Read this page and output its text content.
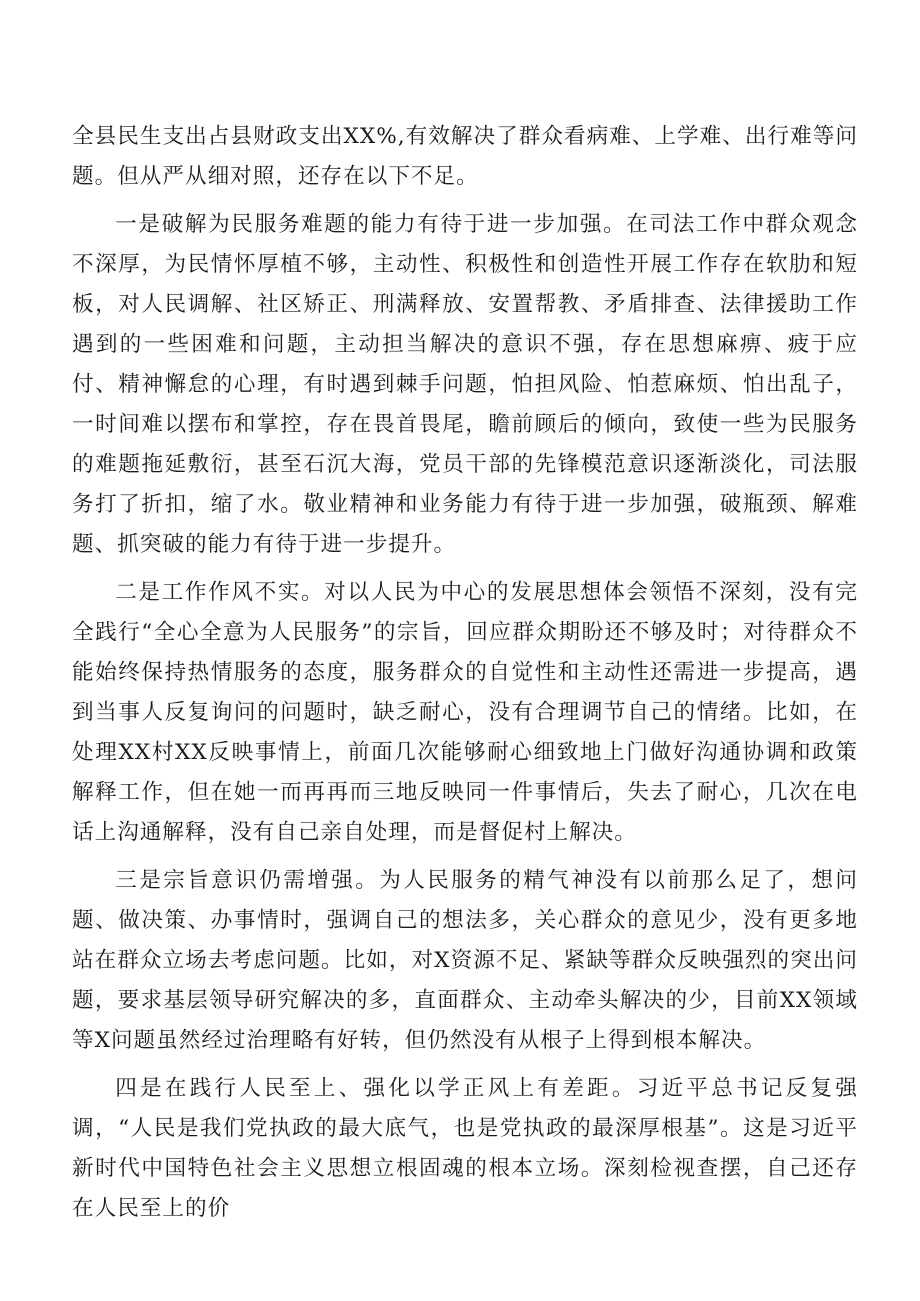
全县民生支出占县财政支出XX%,有效解决了群众看病难、上学难、出行难等问题。但从严从细对照，还存在以下不足。

一是破解为民服务难题的能力有待于进一步加强。在司法工作中群众观念不深厚，为民情怀厚植不够，主动性、积极性和创造性开展工作存在软肋和短板，对人民调解、社区矫正、刑满释放、安置帮教、矛盾排查、法律援助工作遇到的一些困难和问题，主动担当解决的意识不强，存在思想麻痹、疲于应付、精神懈怠的心理，有时遇到棘手问题，怕担风险、怕惹麻烦、怕出乱子，一时间难以摆布和掌控，存在畏首畏尾，瞻前顾后的倾向，致使一些为民服务的难题拖延敷衍，甚至石沉大海，党员干部的先锋模范意识逐渐淡化，司法服务打了折扣，缩了水。敬业精神和业务能力有待于进一步加强，破瓶颈、解难题、抓突破的能力有待于进一步提升。

二是工作作风不实。对以人民为中心的发展思想体会领悟不深刻，没有完全践行“全心全意为人民服务”的宗旨，回应群众期盼还不够及时；对待群众不能始终保持热情服务的态度，服务群众的自觉性和主动性还需进一步提高，遇到当事人反复询问的问题时，缺乏耐心，没有合理调节自己的情绪。比如，在处理XX村XX反映事情上，前面几次能够耐心细致地上门做好沟通协调和政策解释工作，但在她一而再再而三地反映同一件事情后，失去了耐心，几次在电话上沟通解释，没有自己亲自处理，而是督促村上解决。

三是宗旨意识仍需增强。为人民服务的精气神没有以前那么足了，想问题、做决策、办事情时，强调自己的想法多，关心群众的意见少，没有更多地站在群众立场去考虑问题。比如，对X资源不足、紧缺等群众反映强烈的突出问题，要求基层领导研究解决的多，直面群众、主动牵头解决的少，目前XX领域等X问题虽然经过治理略有好转，但仍然没有从根子上得到根本解决。

四是在践行人民至上、强化以学正风上有差距。习近平总书记反复强调，“人民是我们党执政的最大底气，也是党执政的最深厚根基”。这是习近平新时代中国特色社会主义思想立根固魂的根本立场。深刻检视查摆，自己还存在人民至上的价
